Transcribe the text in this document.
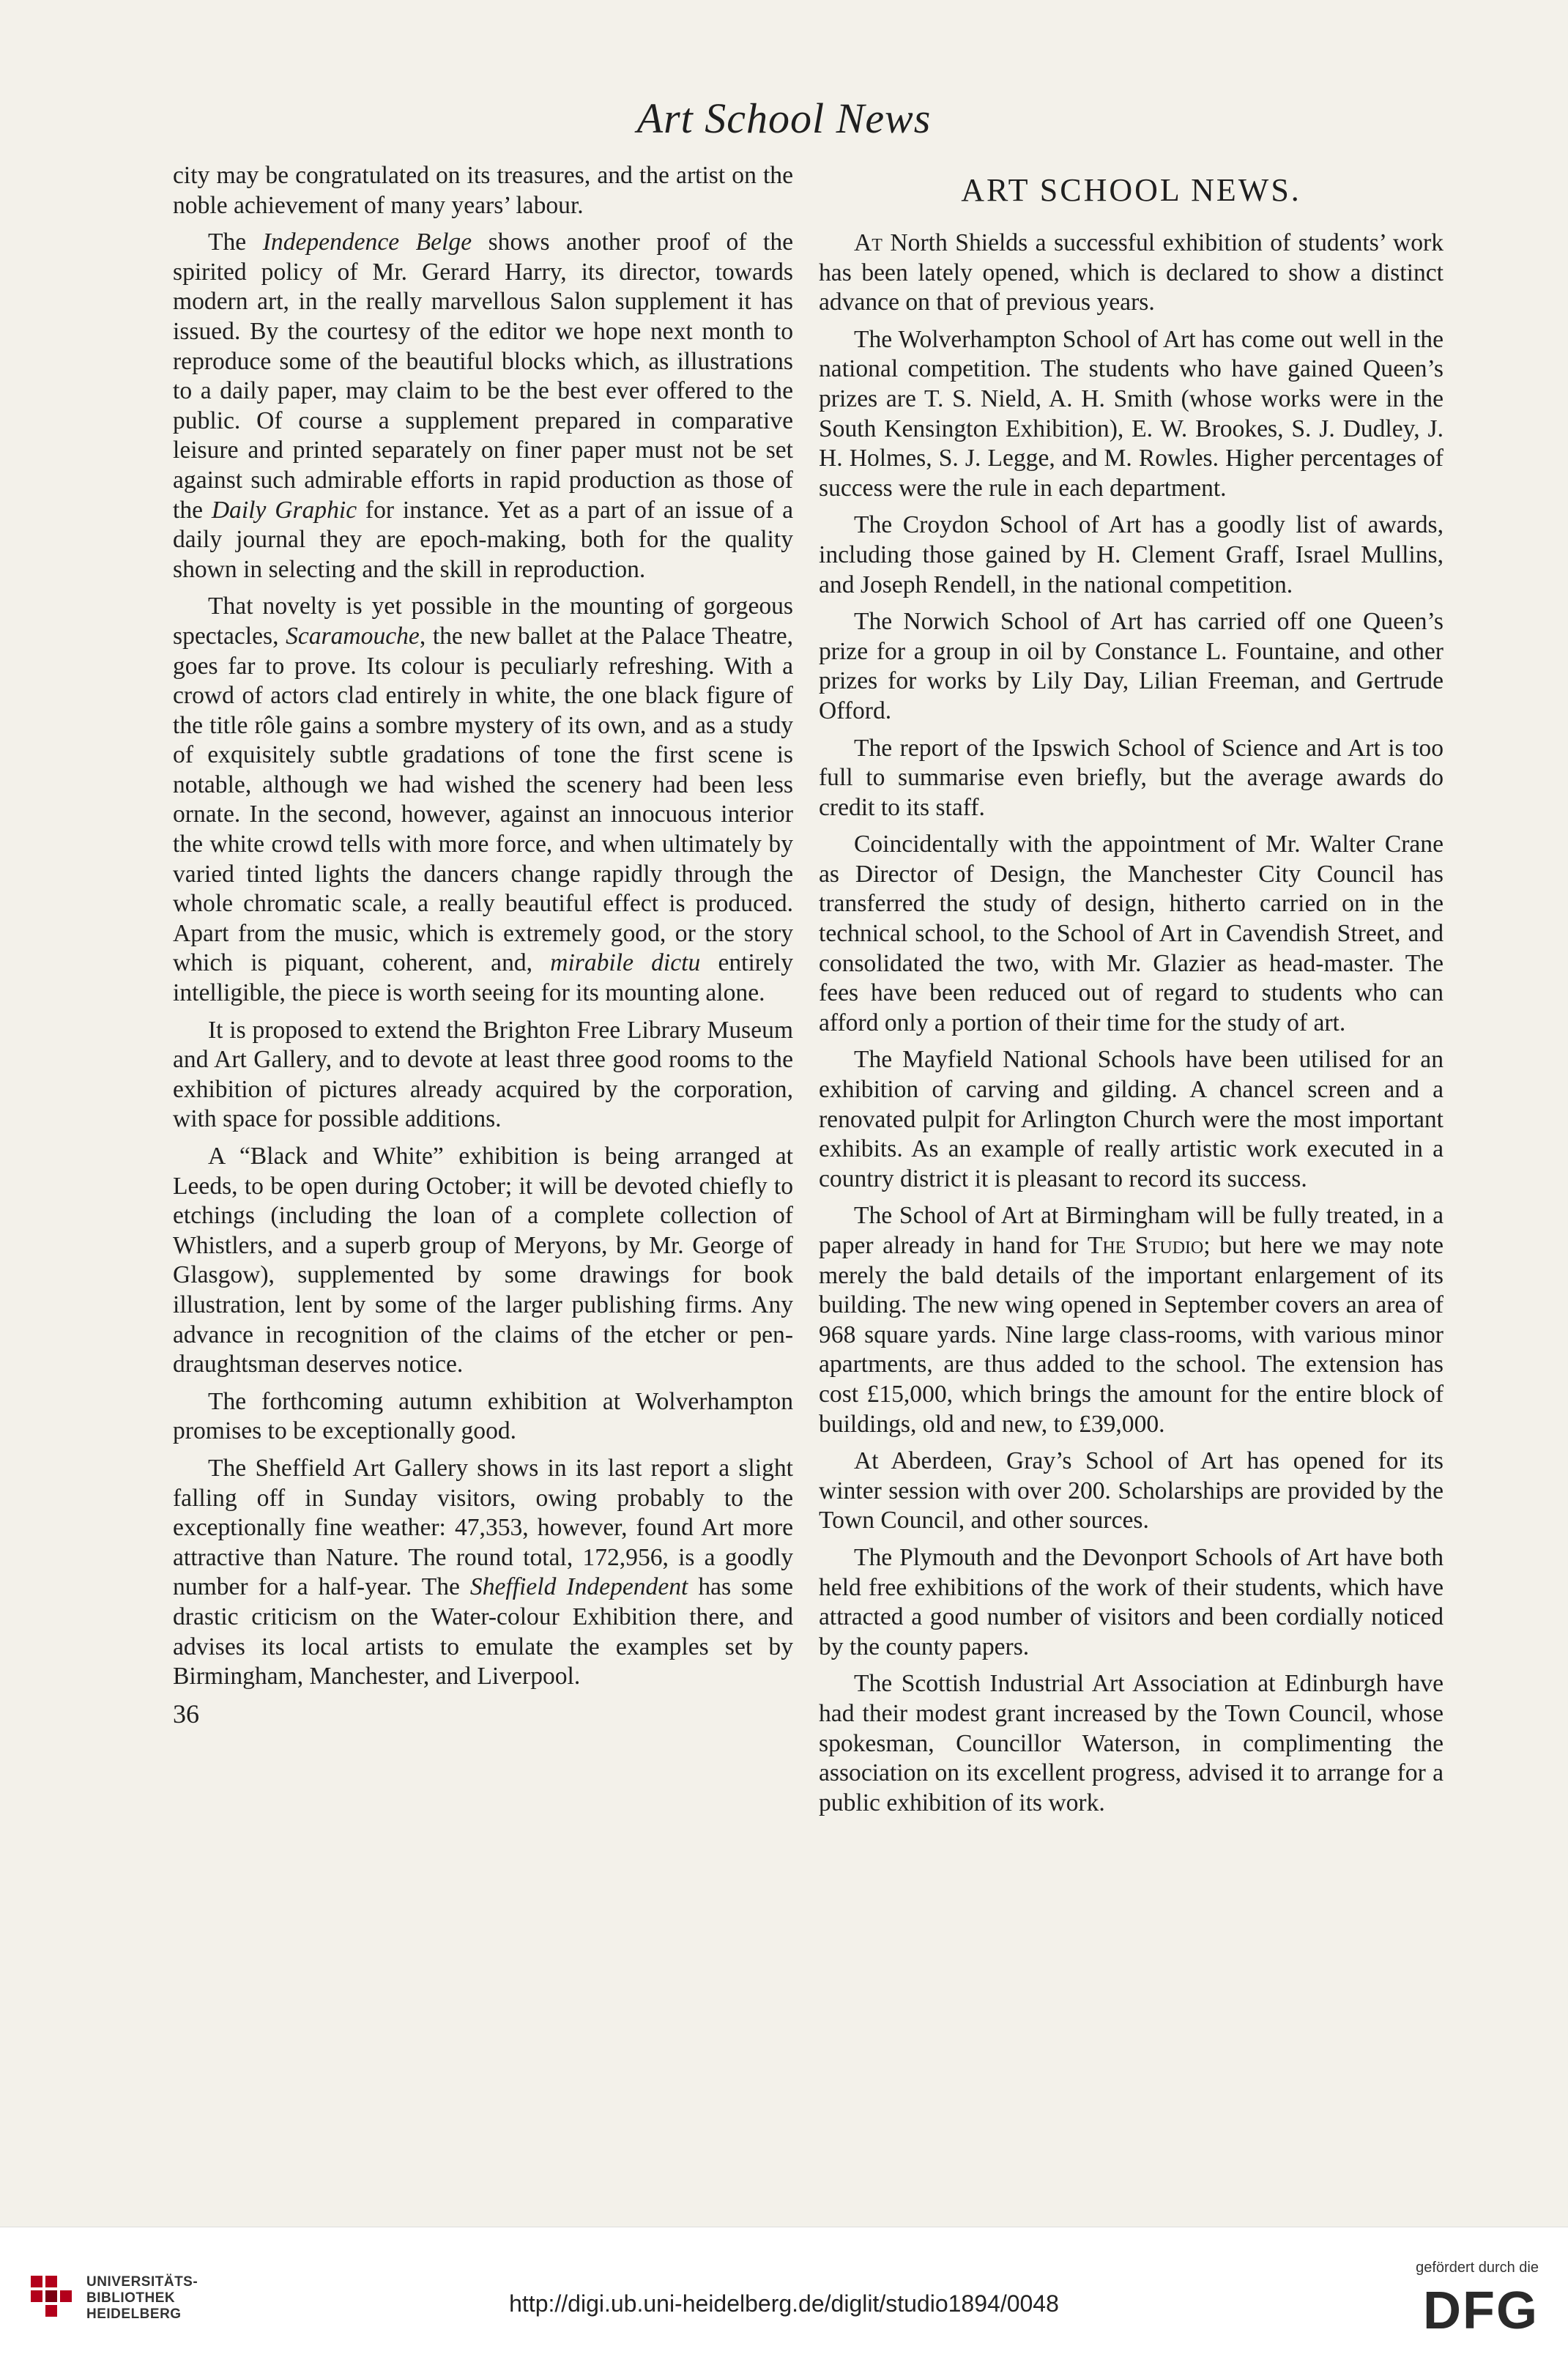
Art School News

city may be congratulated on its treasures, and the artist on the noble achievement of many years’ labour.

The Independence Belge shows another proof of the spirited policy of Mr. Gerard Harry, its director, towards modern art, in the really marvellous Salon supplement it has issued. By the courtesy of the editor we hope next month to reproduce some of the beautiful blocks which, as illustrations to a daily paper, may claim to be the best ever offered to the public. Of course a supplement prepared in comparative leisure and printed separately on finer paper must not be set against such admirable efforts in rapid production as those of the Daily Graphic for instance. Yet as a part of an issue of a daily journal they are epoch-making, both for the quality shown in selecting and the skill in reproduction.

That novelty is yet possible in the mounting of gorgeous spectacles, Scaramouche, the new ballet at the Palace Theatre, goes far to prove. Its colour is peculiarly refreshing. With a crowd of actors clad entirely in white, the one black figure of the title rôle gains a sombre mystery of its own, and as a study of exquisitely subtle gradations of tone the first scene is notable, although we had wished the scenery had been less ornate. In the second, however, against an innocuous interior the white crowd tells with more force, and when ultimately by varied tinted lights the dancers change rapidly through the whole chromatic scale, a really beautiful effect is produced. Apart from the music, which is extremely good, or the story which is piquant, coherent, and, mirabile dictu entirely intelligible, the piece is worth seeing for its mounting alone.

It is proposed to extend the Brighton Free Library Museum and Art Gallery, and to devote at least three good rooms to the exhibition of pictures already acquired by the corporation, with space for possible additions.

A “Black and White” exhibition is being arranged at Leeds, to be open during October; it will be devoted chiefly to etchings (including the loan of a complete collection of Whistlers, and a superb group of Meryons, by Mr. George of Glasgow), supplemented by some drawings for book illustration, lent by some of the larger publishing firms. Any advance in recognition of the claims of the etcher or pen-draughtsman deserves notice.

The forthcoming autumn exhibition at Wolverhampton promises to be exceptionally good.

The Sheffield Art Gallery shows in its last report a slight falling off in Sunday visitors, owing probably to the exceptionally fine weather: 47,353, however, found Art more attractive than Nature. The round total, 172,956, is a goodly number for a half-year. The Sheffield Independent has some drastic criticism on the Water-colour Exhibition there, and advises its local artists to emulate the examples set by Birmingham, Manchester, and Liverpool.

36
ART SCHOOL NEWS.

At North Shields a successful exhibition of students’ work has been lately opened, which is declared to show a distinct advance on that of previous years.

The Wolverhampton School of Art has come out well in the national competition. The students who have gained Queen’s prizes are T. S. Nield, A. H. Smith (whose works were in the South Kensington Exhibition), E. W. Brookes, S. J. Dudley, J. H. Holmes, S. J. Legge, and M. Rowles. Higher percentages of success were the rule in each department.

The Croydon School of Art has a goodly list of awards, including those gained by H. Clement Graff, Israel Mullins, and Joseph Rendell, in the national competition.

The Norwich School of Art has carried off one Queen’s prize for a group in oil by Constance L. Fountaine, and other prizes for works by Lily Day, Lilian Freeman, and Gertrude Offord.

The report of the Ipswich School of Science and Art is too full to summarise even briefly, but the average awards do credit to its staff.

Coincidentally with the appointment of Mr. Walter Crane as Director of Design, the Manchester City Council has transferred the study of design, hitherto carried on in the technical school, to the School of Art in Cavendish Street, and consolidated the two, with Mr. Glazier as head-master. The fees have been reduced out of regard to students who can afford only a portion of their time for the study of art.

The Mayfield National Schools have been utilised for an exhibition of carving and gilding. A chancel screen and a renovated pulpit for Arlington Church were the most important exhibits. As an example of really artistic work executed in a country district it is pleasant to record its success.

The School of Art at Birmingham will be fully treated, in a paper already in hand for The Studio; but here we may note merely the bald details of the important enlargement of its building. The new wing opened in September covers an area of 968 square yards. Nine large class-rooms, with various minor apartments, are thus added to the school. The extension has cost £15,000, which brings the amount for the entire block of buildings, old and new, to £39,000.

At Aberdeen, Gray’s School of Art has opened for its winter session with over 200. Scholarships are provided by the Town Council, and other sources.

The Plymouth and the Devonport Schools of Art have both held free exhibitions of the work of their students, which have attracted a good number of visitors and been cordially noticed by the county papers.

The Scottish Industrial Art Association at Edinburgh have had their modest grant increased by the Town Council, whose spokesman, Councillor Waterson, in complimenting the association on its excellent progress, advised it to arrange for a public exhibition of its work.

UNIVERSITÄTS-
BIBLIOTHEK
HEIDELBERG	http://digi.ub.uni-heidelberg.de/diglit/studio1894/0048
gefördert durch die
DFG
